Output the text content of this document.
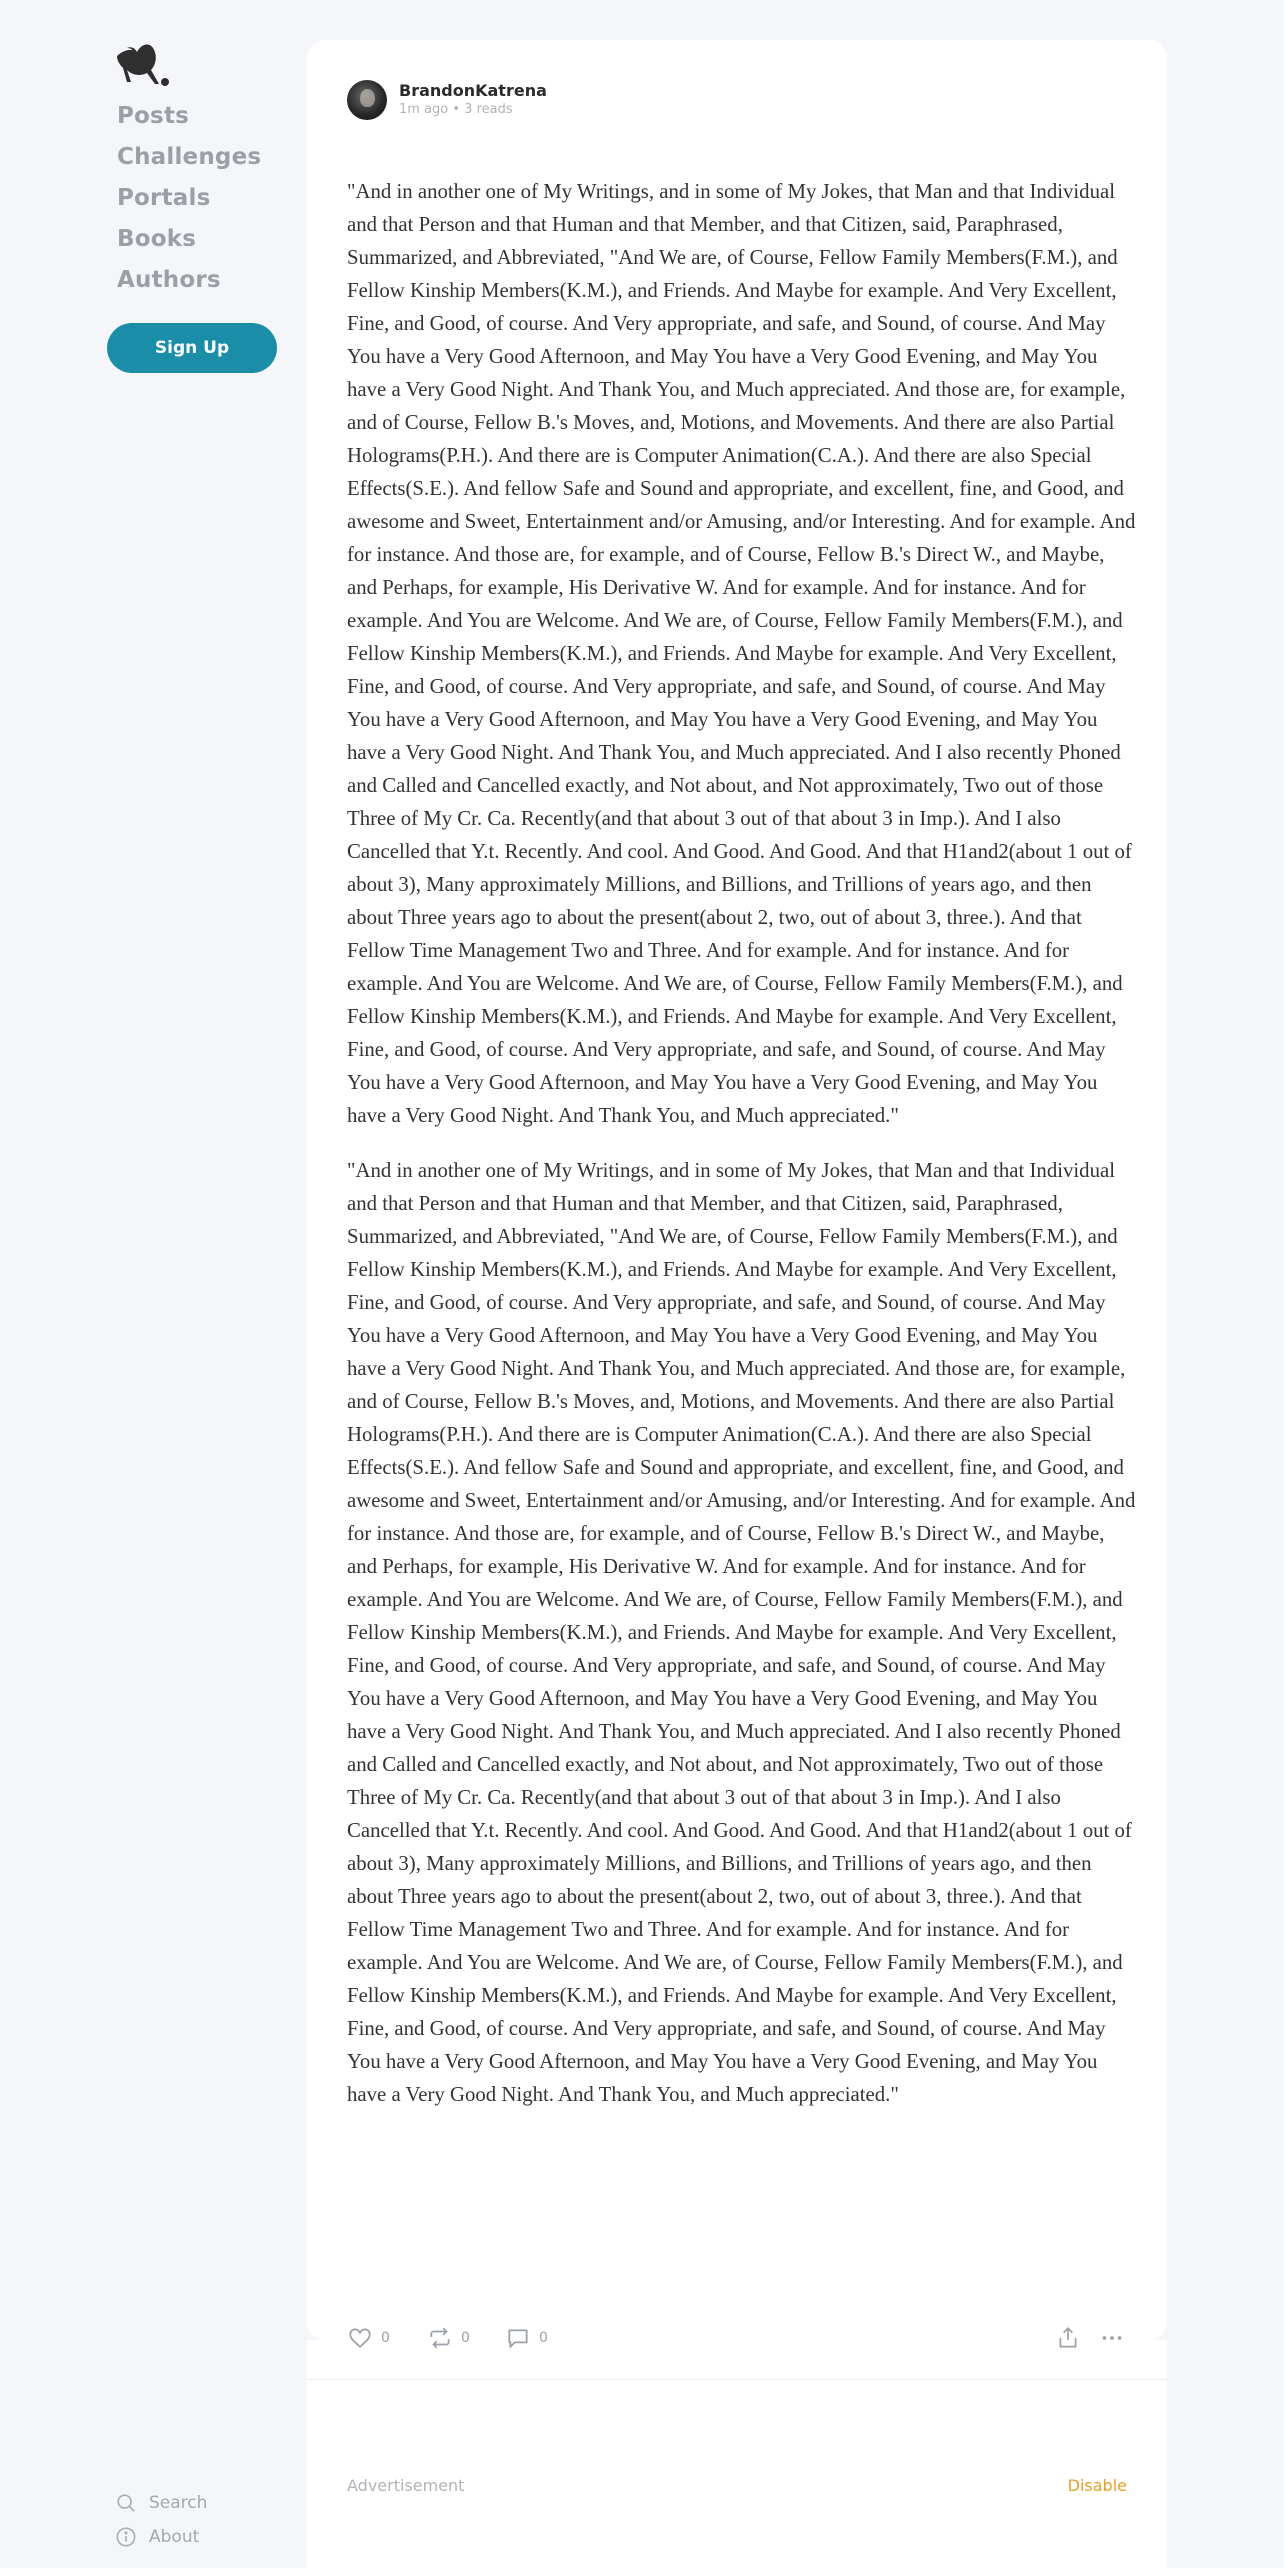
Posts
Challenges
Portals
Books
Authors
Sign Up
Search
About
BrandonKatrena
1m ago • 3 reads

"And in another one of My Writings, and in some of My Jokes, that Man and that Individual and that Person and that Human and that Member, and that Citizen, said, Paraphrased, Summarized, and Abbreviated, "And We are, of Course, Fellow Family Members(F.M.), and Fellow Kinship Members(K.M.), and Friends. And Maybe for example. And Very Excellent, Fine, and Good, of course. And Very appropriate, and safe, and Sound, of course. And May You have a Very Good Afternoon, and May You have a Very Good Evening, and May You have a Very Good Night. And Thank You, and Much appreciated. And those are, for example, and of Course, Fellow B.'s Moves, and, Motions, and Movements. And there are also Partial Holograms(P.H.). And there are is Computer Animation(C.A.). And there are also Special Effects(S.E.). And fellow Safe and Sound and appropriate, and excellent, fine, and Good, and awesome and Sweet, Entertainment and/or Amusing, and/or Interesting. And for example. And for instance. And those are, for example, and of Course, Fellow B.'s Direct W., and Maybe, and Perhaps, for example, His Derivative W. And for example. And for instance. And for example. And You are Welcome. And We are, of Course, Fellow Family Members(F.M.), and Fellow Kinship Members(K.M.), and Friends. And Maybe for example. And Very Excellent, Fine, and Good, of course. And Very appropriate, and safe, and Sound, of course. And May You have a Very Good Afternoon, and May You have a Very Good Evening, and May You have a Very Good Night. And Thank You, and Much appreciated. And I also recently Phoned and Called and Cancelled exactly, and Not about, and Not approximately, Two out of those Three of My Cr. Ca. Recently(and that about 3 out of that about 3 in Imp.). And I also Cancelled that Y.t. Recently. And cool. And Good. And Good. And that H1and2(about 1 out of about 3), Many approximately Millions, and Billions, and Trillions of years ago, and then about Three years ago to about the present(about 2, two, out of about 3, three.). And that Fellow Time Management Two and Three. And for example. And for instance. And for example. And You are Welcome. And We are, of Course, Fellow Family Members(F.M.), and Fellow Kinship Members(K.M.), and Friends. And Maybe for example. And Very Excellent, Fine, and Good, of course. And Very appropriate, and safe, and Sound, of course. And May You have a Very Good Afternoon, and May You have a Very Good Evening, and May You have a Very Good Night. And Thank You, and Much appreciated."

"And in another one of My Writings, and in some of My Jokes, that Man and that Individual and that Person and that Human and that Member, and that Citizen, said, Paraphrased, Summarized, and Abbreviated, "And We are, of Course, Fellow Family Members(F.M.), and Fellow Kinship Members(K.M.), and Friends. And Maybe for example. And Very Excellent, Fine, and Good, of course. And Very appropriate, and safe, and Sound, of course. And May You have a Very Good Afternoon, and May You have a Very Good Evening, and May You have a Very Good Night. And Thank You, and Much appreciated. And those are, for example, and of Course, Fellow B.'s Moves, and, Motions, and Movements. And there are also Partial Holograms(P.H.). And there are is Computer Animation(C.A.). And there are also Special Effects(S.E.). And fellow Safe and Sound and appropriate, and excellent, fine, and Good, and awesome and Sweet, Entertainment and/or Amusing, and/or Interesting. And for example. And for instance. And those are, for example, and of Course, Fellow B.'s Direct W., and Maybe, and Perhaps, for example, His Derivative W. And for example. And for instance. And for example. And You are Welcome. And We are, of Course, Fellow Family Members(F.M.), and Fellow Kinship Members(K.M.), and Friends. And Maybe for example. And Very Excellent, Fine, and Good, of course. And Very appropriate, and safe, and Sound, of course. And May You have a Very Good Afternoon, and May You have a Very Good Evening, and May You have a Very Good Night. And Thank You, and Much appreciated. And I also recently Phoned and Called and Cancelled exactly, and Not about, and Not approximately, Two out of those Three of My Cr. Ca. Recently(and that about 3 out of that about 3 in Imp.). And I also Cancelled that Y.t. Recently. And cool. And Good. And Good. And that H1and2(about 1 out of about 3), Many approximately Millions, and Billions, and Trillions of years ago, and then about Three years ago to about the present(about 2, two, out of about 3, three.). And that Fellow Time Management Two and Three. And for example. And for instance. And for example. And You are Welcome. And We are, of Course, Fellow Family Members(F.M.), and Fellow Kinship Members(K.M.), and Friends. And Maybe for example. And Very Excellent, Fine, and Good, of course. And Very appropriate, and safe, and Sound, of course. And May You have a Very Good Afternoon, and May You have a Very Good Evening, and May You have a Very Good Night. And Thank You, and Much appreciated."

0	0	0
Advertisement	Disable
